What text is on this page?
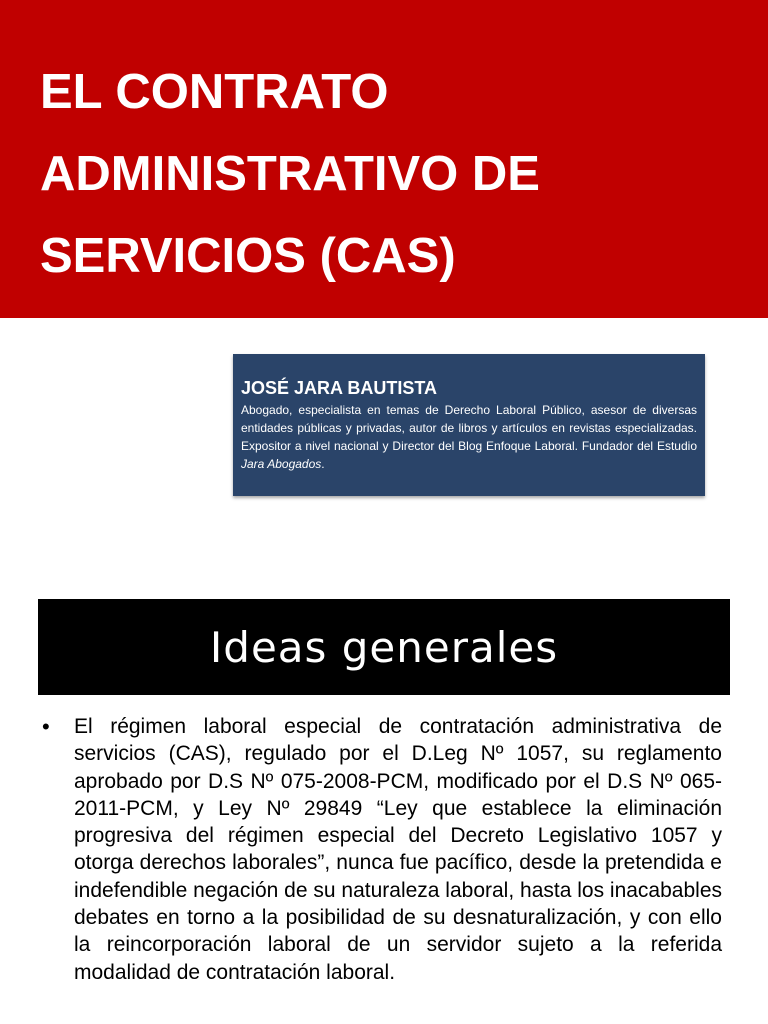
EL CONTRATO
ADMINISTRATIVO DE
SERVICIOS (CAS)

JOSÉ JARA BAUTISTA

Abogado, especialista en temas de Derecho Laboral Público, asesor de diversas entidades públicas y privadas, autor de libros y artículos en revistas especializadas. Expositor a nivel nacional y Director del Blog Enfoque Laboral. Fundador del Estudio Jara Abogados.

Ideas generales
• El régimen laboral especial de contratación administrativa de servicios (CAS), regulado por el D.Leg Nº 1057, su reglamento aprobado por D.S Nº 075-2008-PCM, modificado por el D.S Nº 065-2011-PCM, y Ley Nº 29849 “Ley que establece la eliminación progresiva del régimen especial del Decreto Legislativo 1057 y otorga derechos laborales”, nunca fue pacífico, desde la pretendida e indefendible negación de su naturaleza laboral, hasta los inacabables debates en torno a la posibilidad de su desnaturalización, y con ello la reincorporación laboral de un servidor sujeto a la referida modalidad de contratación laboral.
